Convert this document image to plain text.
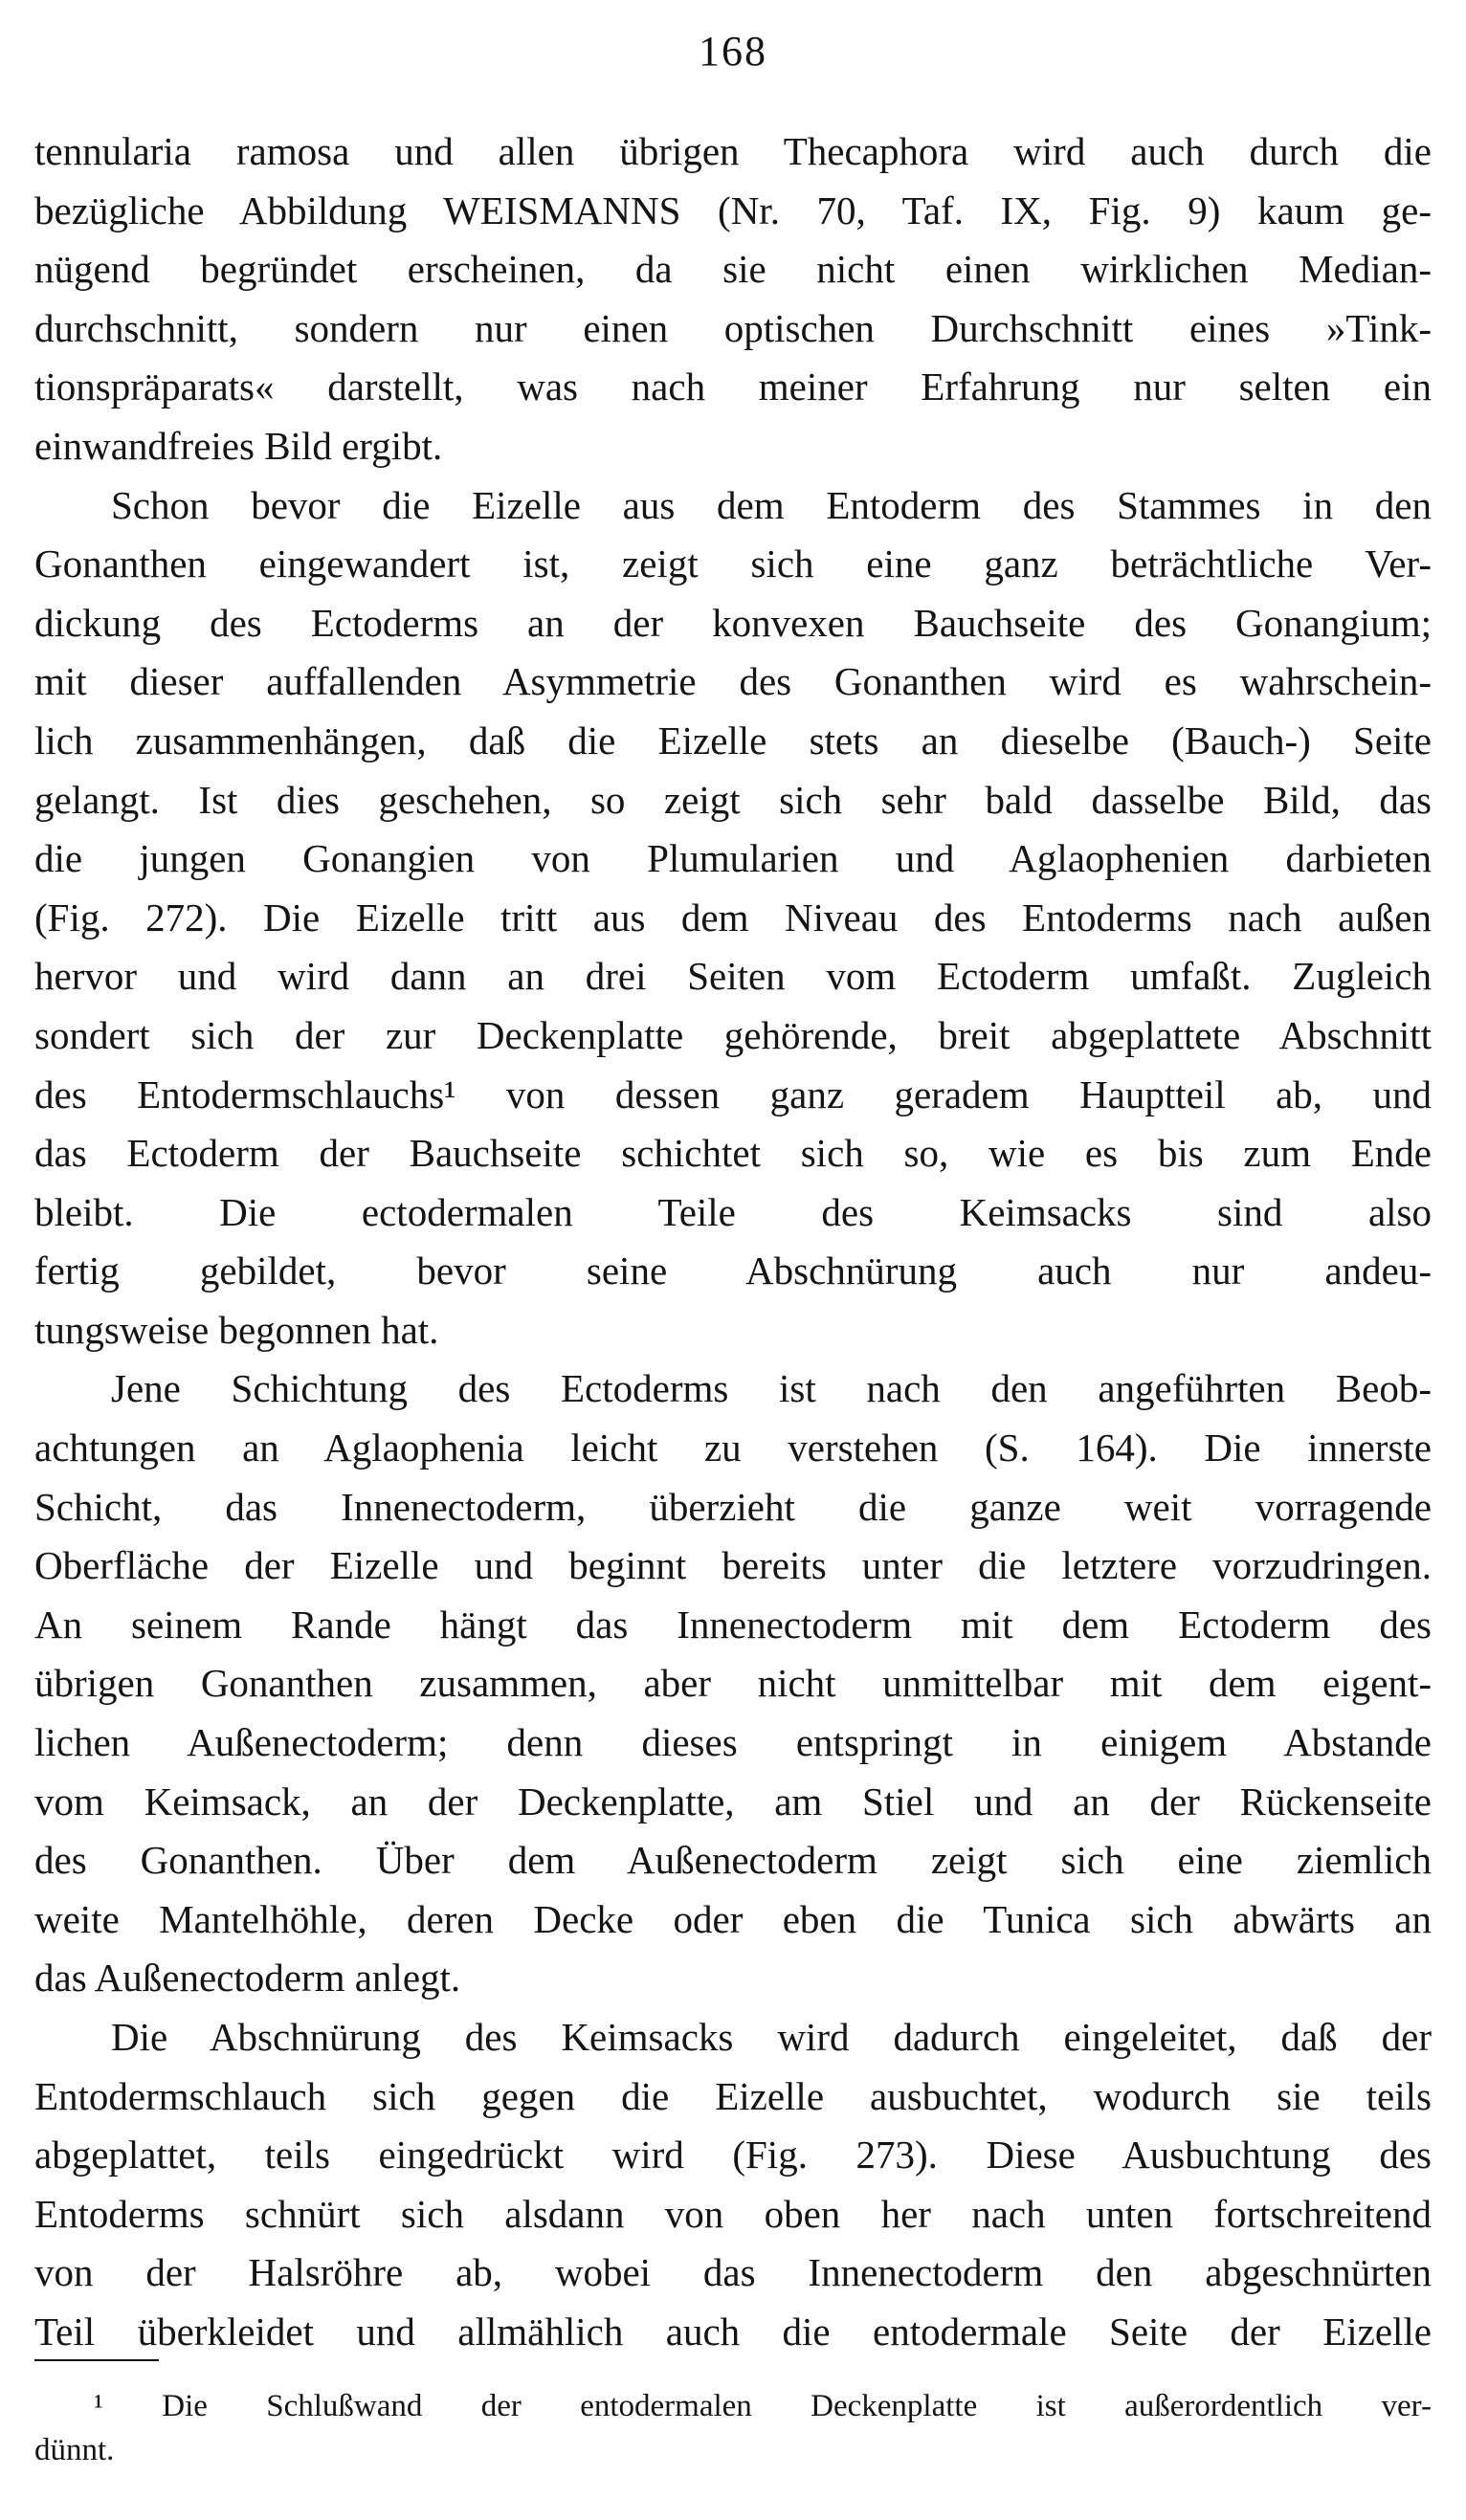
168

tennularia ramosa und allen übrigen Thecaphora wird auch durch die
bezügliche Abbildung WEISMANNS (Nr. 70, Taf. IX, Fig. 9) kaum ge-
nügend begründet erscheinen, da sie nicht einen wirklichen Median-
durchschnitt, sondern nur einen optischen Durchschnitt eines »Tink-
tionspräparats« darstellt, was nach meiner Erfahrung nur selten ein
einwandfreies Bild ergibt.

Schon bevor die Eizelle aus dem Entoderm des Stammes in den
Gonanthen eingewandert ist, zeigt sich eine ganz beträchtliche Ver-
dickung des Ectoderms an der konvexen Bauchseite des Gonangium;
mit dieser auffallenden Asymmetrie des Gonanthen wird es wahrschein-
lich zusammenhängen, daß die Eizelle stets an dieselbe (Bauch-) Seite
gelangt. Ist dies geschehen, so zeigt sich sehr bald dasselbe Bild, das
die jungen Gonangien von Plumularien und Aglaophenien darbieten
(Fig. 272). Die Eizelle tritt aus dem Niveau des Entoderms nach außen
hervor und wird dann an drei Seiten vom Ectoderm umfaßt. Zugleich
sondert sich der zur Deckenplatte gehörende, breit abgeplattete Abschnitt
des Entodermschlauchs¹ von dessen ganz geradem Hauptteil ab, und
das Ectoderm der Bauchseite schichtet sich so, wie es bis zum Ende
bleibt. Die ectodermalen Teile des Keimsacks sind also
fertig gebildet, bevor seine Abschnürung auch nur andeu-
tungsweise begonnen hat.

Jene Schichtung des Ectoderms ist nach den angeführten Beob-
achtungen an Aglaophenia leicht zu verstehen (S. 164). Die innerste
Schicht, das Innenectoderm, überzieht die ganze weit vorragende
Oberfläche der Eizelle und beginnt bereits unter die letztere vorzudringen.
An seinem Rande hängt das Innenectoderm mit dem Ectoderm des
übrigen Gonanthen zusammen, aber nicht unmittelbar mit dem eigent-
lichen Außenectoderm; denn dieses entspringt in einigem Abstande
vom Keimsack, an der Deckenplatte, am Stiel und an der Rückenseite
des Gonanthen. Über dem Außenectoderm zeigt sich eine ziemlich
weite Mantelhöhle, deren Decke oder eben die Tunica sich abwärts an
das Außenectoderm anlegt.

Die Abschnürung des Keimsacks wird dadurch eingeleitet, daß der
Entodermschlauch sich gegen die Eizelle ausbuchtet, wodurch sie teils
abgeplattet, teils eingedrückt wird (Fig. 273). Diese Ausbuchtung des
Entoderms schnürt sich alsdann von oben her nach unten fortschreitend
von der Halsröhre ab, wobei das Innenectoderm den abgeschnürten
Teil überkleidet und allmählich auch die entodermale Seite der Eizelle

¹ Die Schlußwand der entodermalen Deckenplatte ist außerordentlich ver-
dünnt.
